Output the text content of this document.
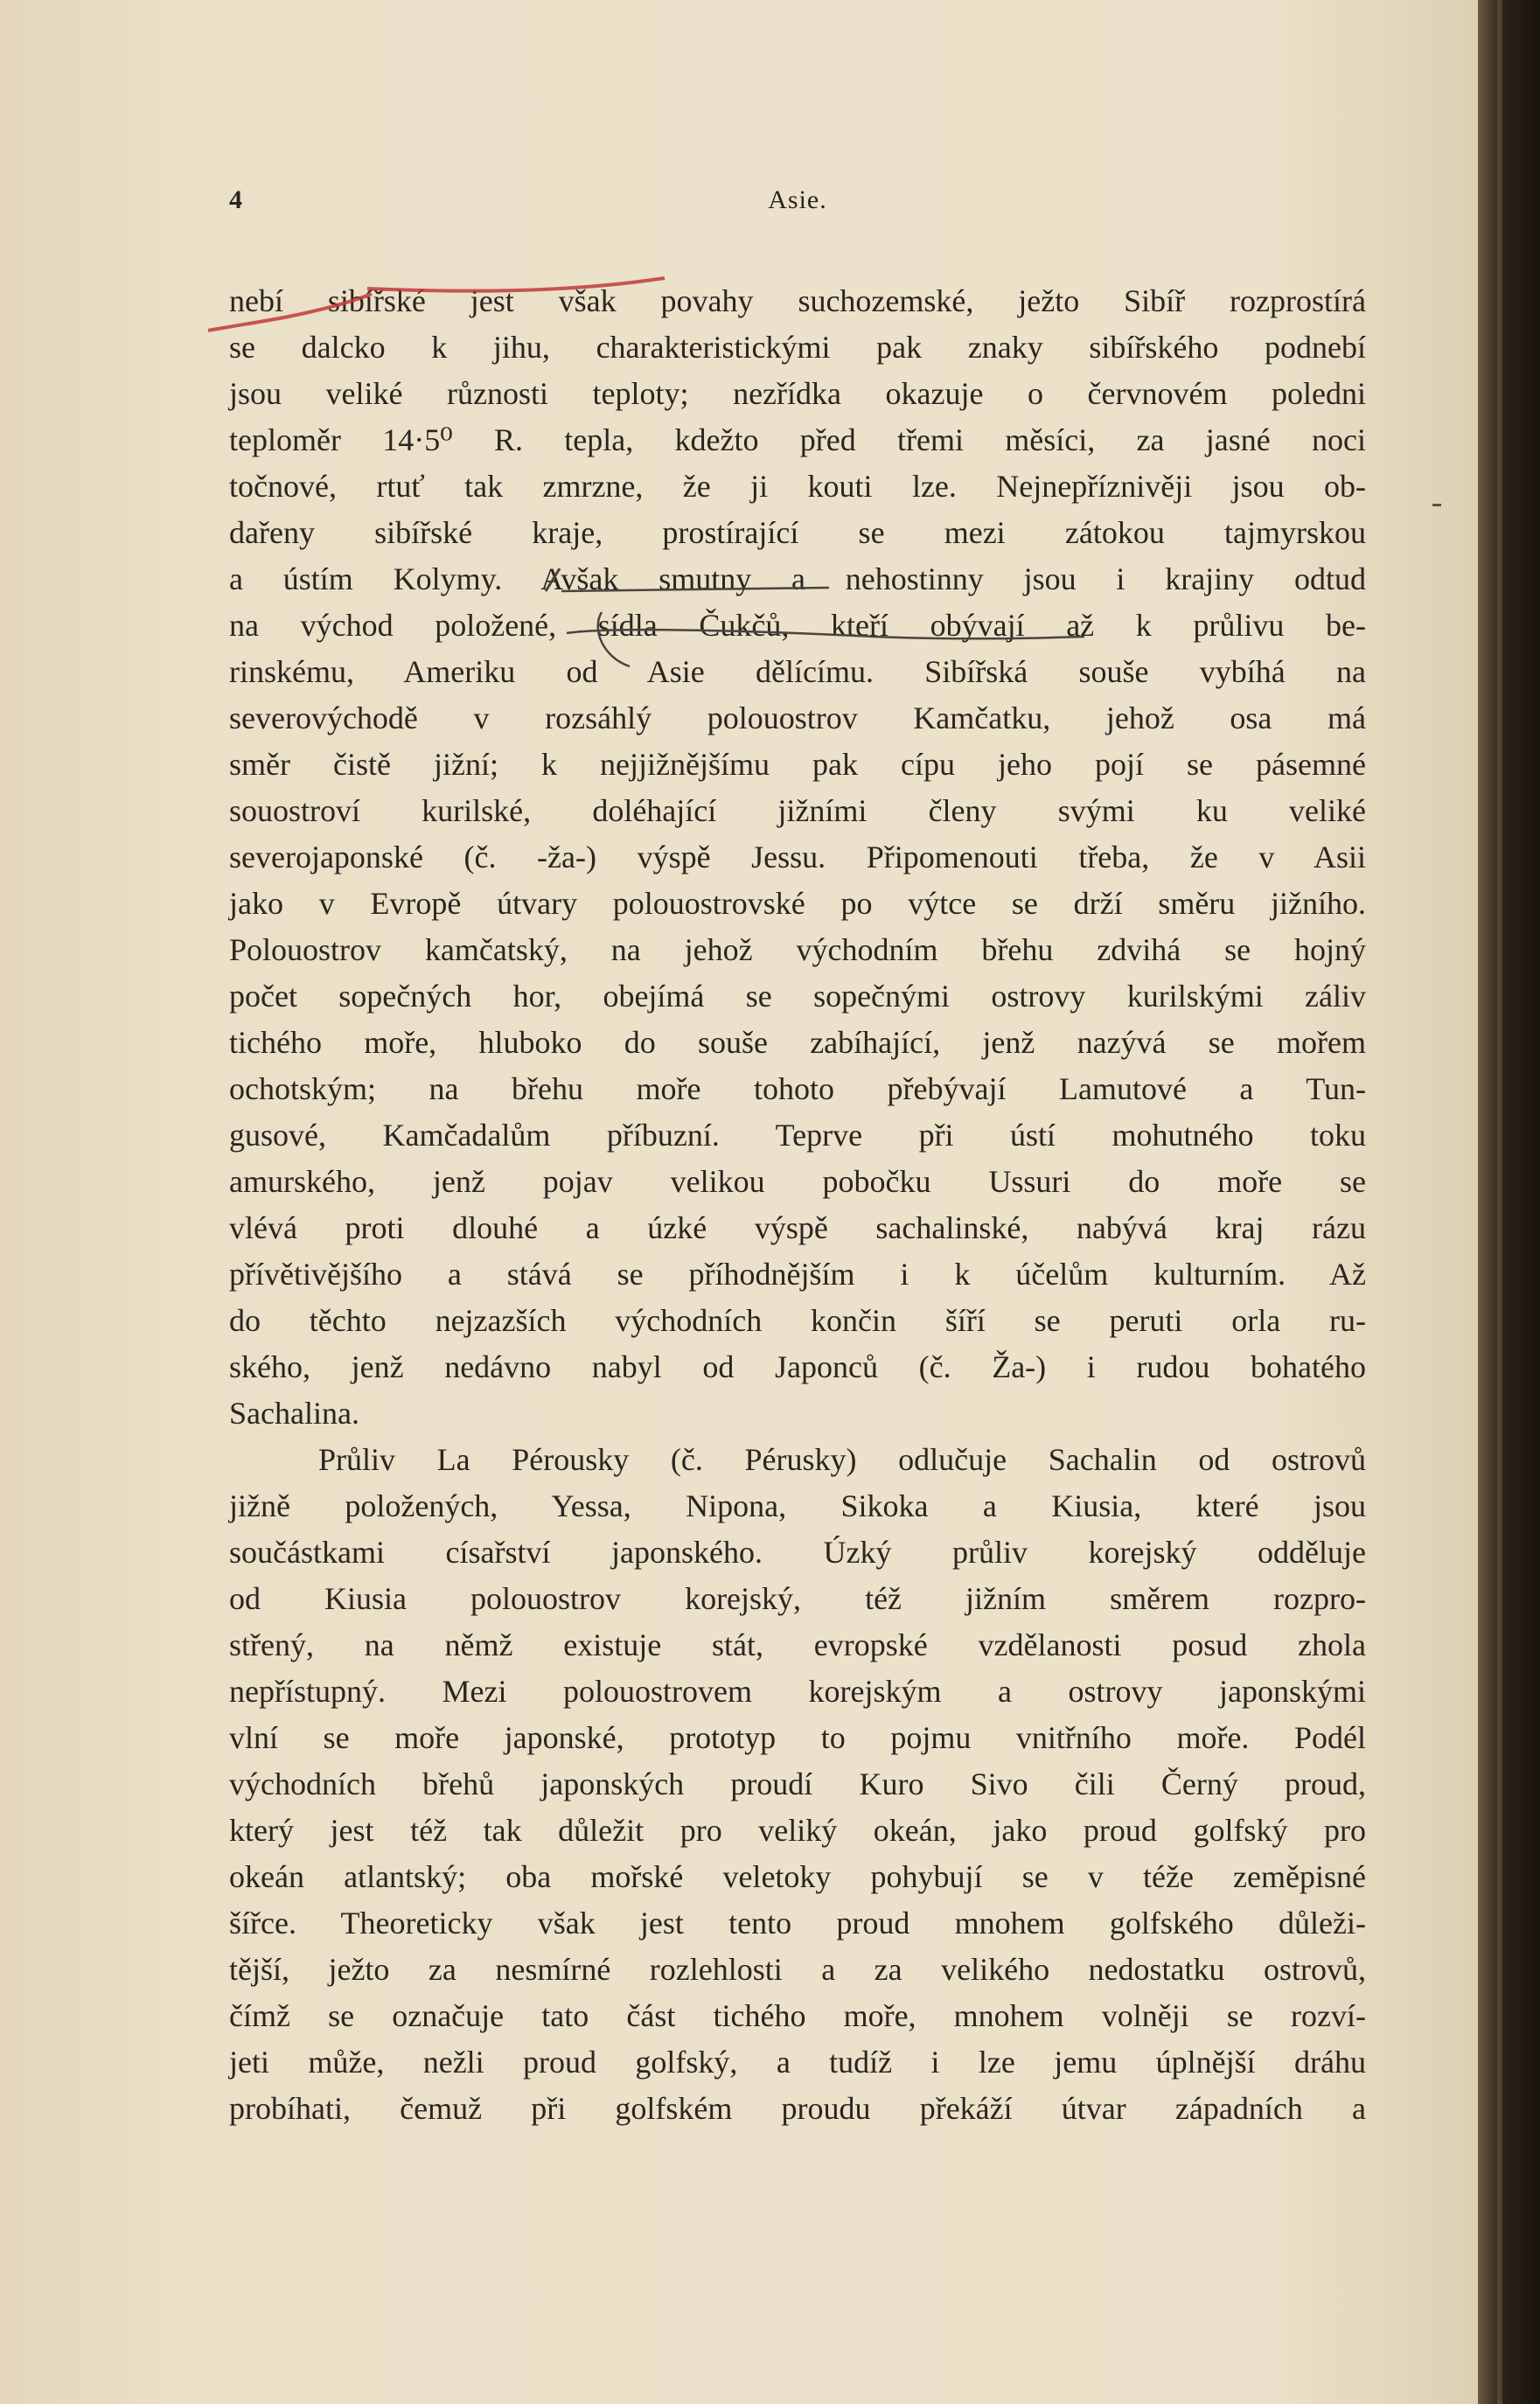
4	Asie.
nebí sibířské jest však povahy suchozemské, ježto Sibíř rozprostírá
se dalcko k jihu, charakteristickými pak znaky sibířského podnebí
jsou veliké různosti teploty; nezřídka okazuje o červnovém poledni
teploměr 14·5⁰ R. tepla, kdežto před třemi měsíci, za jasné noci
točnové, rtuť tak zmrzne, že ji kouti lze. Nejnepříznivěji jsou ob-
dařeny sibířské kraje, prostírající se mezi zátokou tajmyrskou
a ústím Kolymy. Avšak smutny a nehostinny jsou i krajiny odtud
na východ položené, sídla Čukčů, kteří obývají až k průlivu be-
rinskému, Ameriku od Asie dělícímu. Sibířská souše vybíhá na
severovýchodě v rozsáhlý polouostrov Kamčatku, jehož osa má
směr čistě jižní; k nejjižnějšímu pak cípu jeho pojí se pásemné
souostroví kurilské, doléhající jižními členy svými ku veliké
severojaponské (č. -ža-) výspě Jessu. Připomenouti třeba, že v Asii
jako v Evropě útvary polouostrovské po výtce se drží směru jižního.
Polouostrov kamčatský, na jehož východním břehu zdvihá se hojný
počet sopečných hor, obejímá se sopečnými ostrovy kurilskými záliv
tichého moře, hluboko do souše zabíhající, jenž nazývá se mořem
ochotským; na břehu moře tohoto přebývají Lamutové a Tun-
gusové, Kamčadalům příbuzní. Teprve při ústí mohutného toku
amurského, jenž pojav velikou pobočku Ussuri do moře se
vlévá proti dlouhé a úzké výspě sachalinské, nabývá kraj rázu
přívětivějšího a stává se příhodnějším i k účelům kulturním. Až
do těchto nejzazších východních končin šíří se peruti orla ru-
ského, jenž nedávno nabyl od Japonců (č. Ža-) i rudou bohatého
Sachalina.
Průliv La Pérousky (č. Pérusky) odlučuje Sachalin od ostrovů
jižně položených, Yessa, Nipona, Sikoka a Kiusia, které jsou
součástkami císařství japonského. Úzký průliv korejský odděluje
od Kiusia polouostrov korejský, též jižním směrem rozpro-
střený, na němž existuje stát, evropské vzdělanosti posud zhola
nepřístupný. Mezi polouostrovem korejským a ostrovy japonskými
vlní se moře japonské, prototyp to pojmu vnitřního moře. Podél
východních břehů japonských proudí Kuro Sivo čili Černý proud,
který jest též tak důležit pro veliký okeán, jako proud golfský pro
okeán atlantský; oba mořské veletoky pohybují se v téže zeměpisné
šířce. Theoreticky však jest tento proud mnohem golfského důleži-
tější, ježto za nesmírné rozlehlosti a za velikého nedostatku ostrovů,
čímž se označuje tato část tichého moře, mnohem volněji se rozví-
jeti může, nežli proud golfský, a tudíž i lze jemu úplnější dráhu
probíhati, čemuž při golfském proudu překáží útvar západních a
